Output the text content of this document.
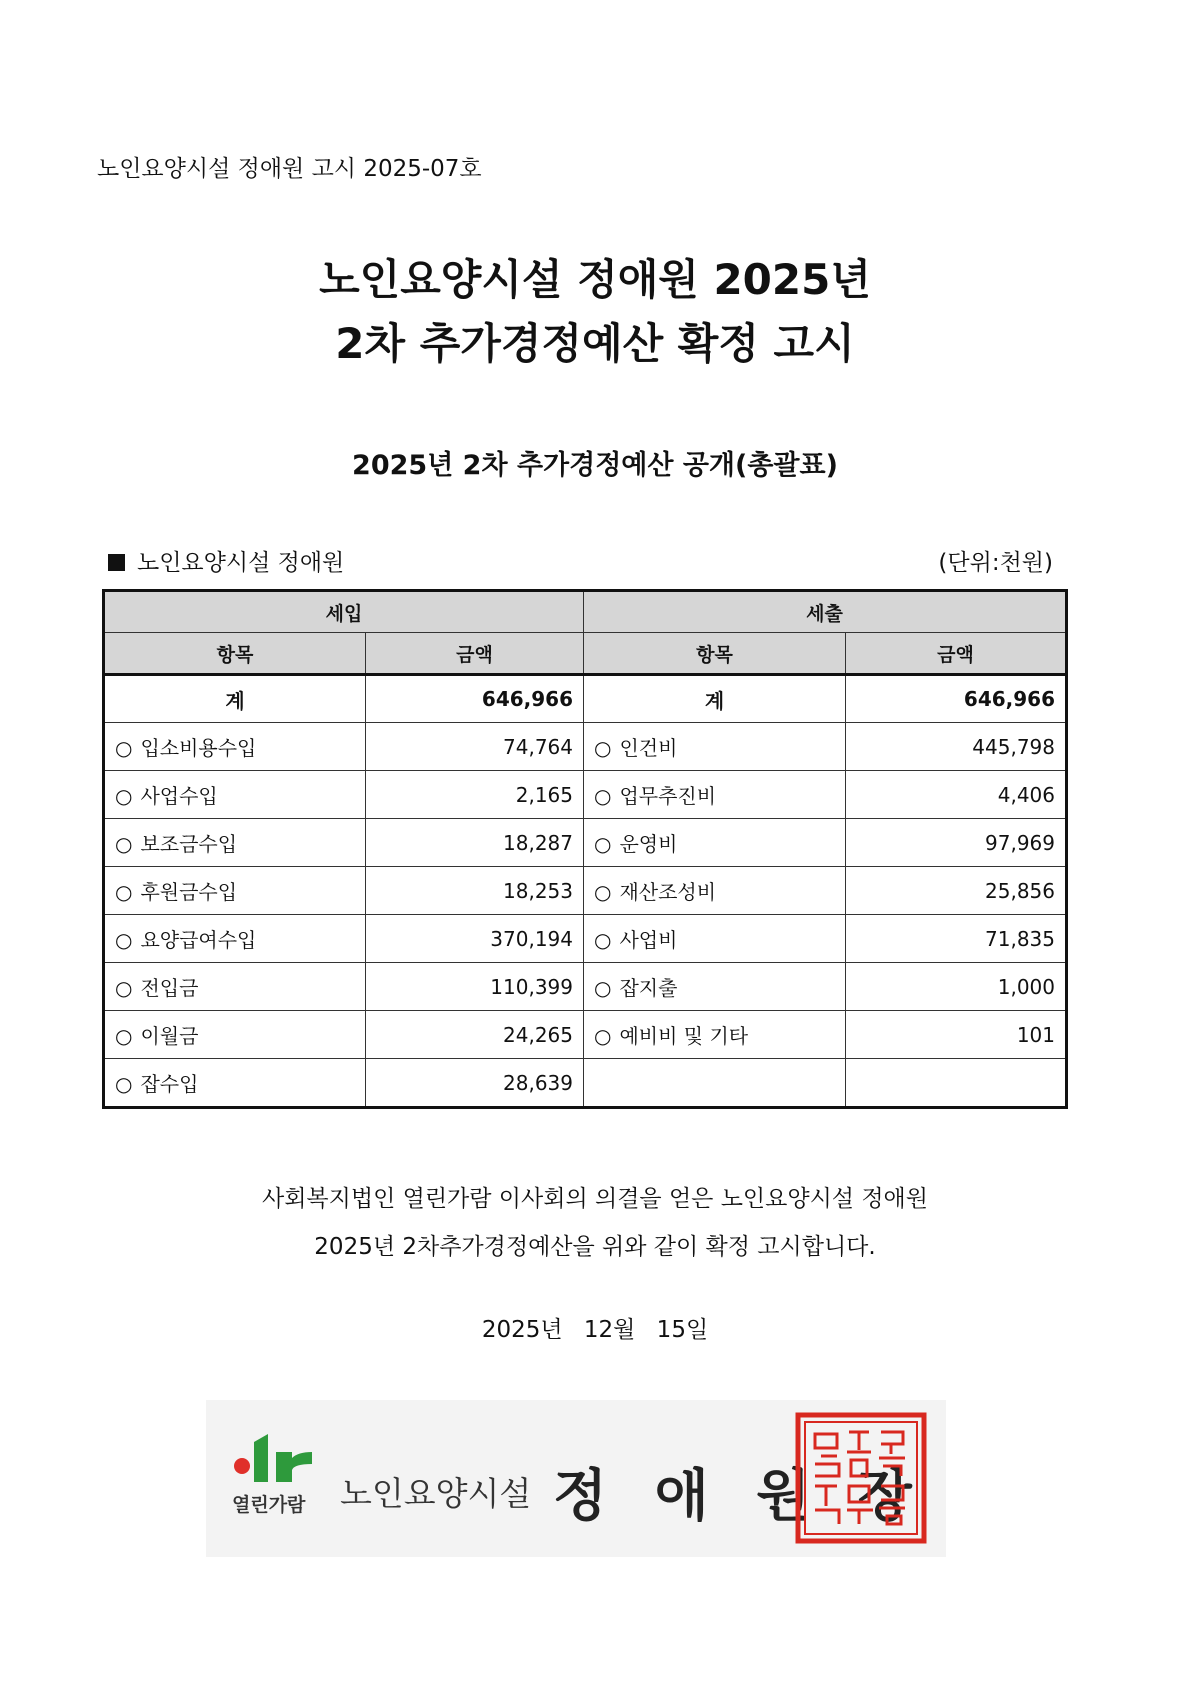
노인요양시설 정애원 고시 2025-07호
노인요양시설 정애원 2025년
2차 추가경정예산 확정 고시
2025년 2차 추가경정예산 공개(총괄표)
노인요양시설 정애원	(단위:천원)
세입		세출	
항목	금액	항목	금액
계	646,966	계	646,966
○ 입소비용수입	74,764	○ 인건비	445,798
○ 사업수입	2,165	○ 업무추진비	4,406
○ 보조금수입	18,287	○ 운영비	97,969
○ 후원금수입	18,253	○ 재산조성비	25,856
○ 요양급여수입	370,194	○ 사업비	71,835
○ 전입금	110,399	○ 잡지출	1,000
○ 이월금	24,265	○ 예비비 및 기타	101
○ 잡수입	28,639		
사회복지법인 열린가람 이사회의 의결을 얻은 노인요양시설 정애원
2025년 2차추가경정예산을 위와 같이 확정 고시합니다.
2025년 12월 15일
열린가람 노인요양시설 정 애 원 장
